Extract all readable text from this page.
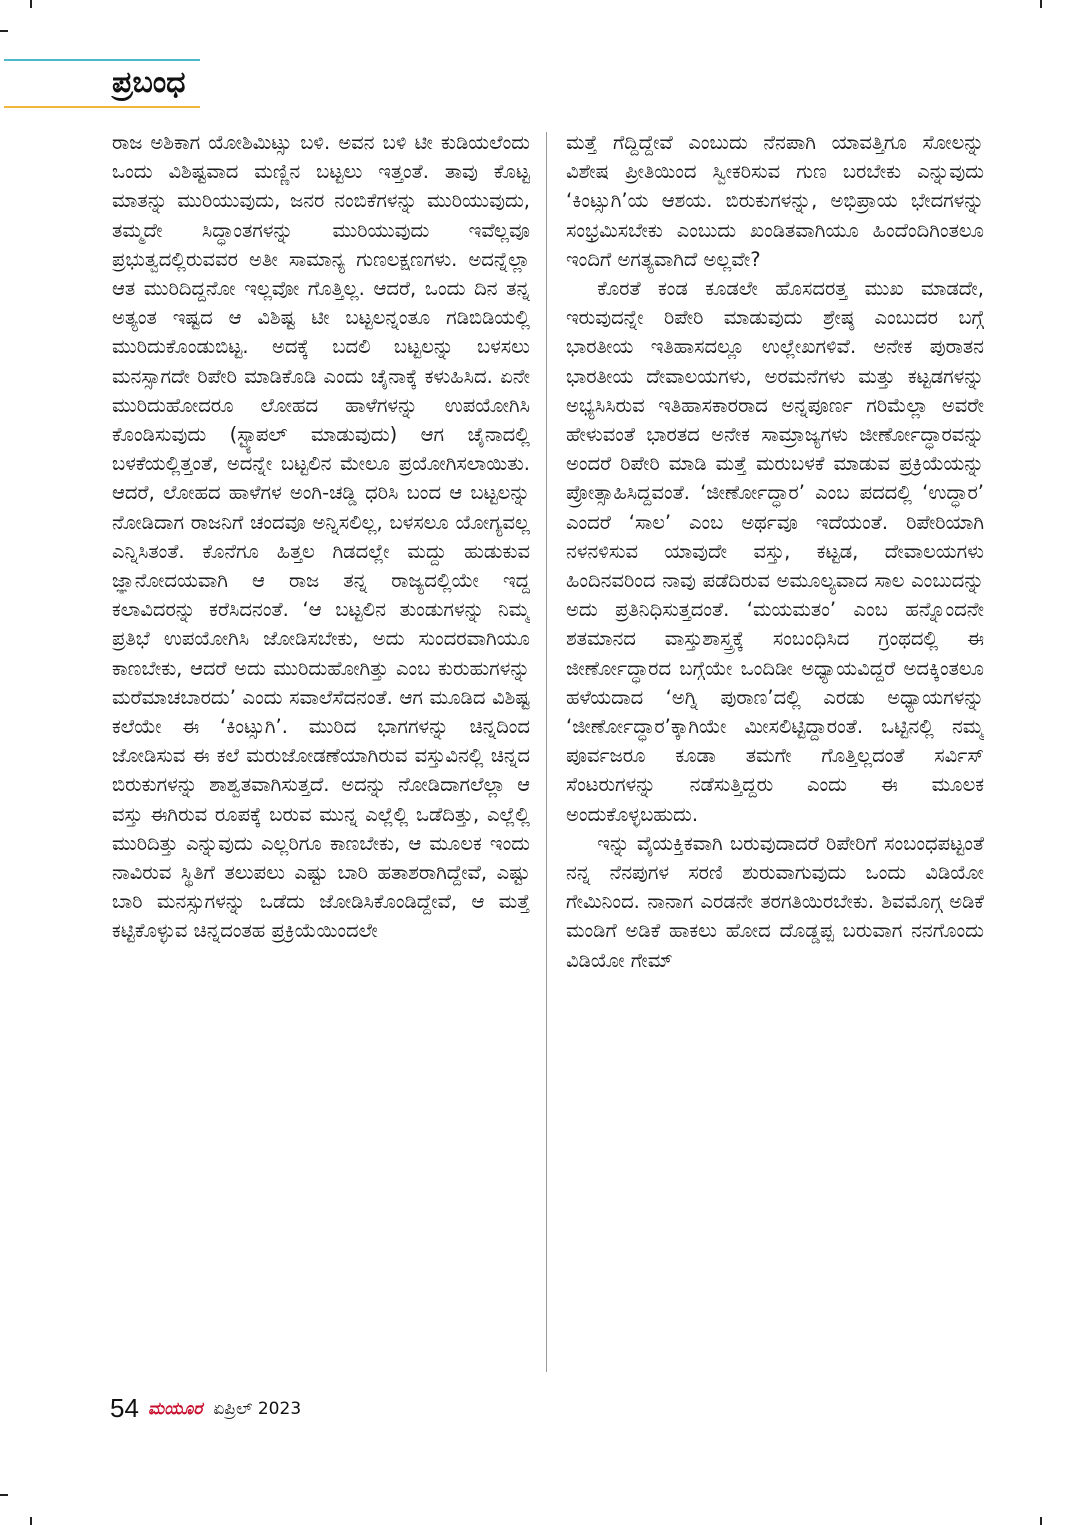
ಪ್ರಬಂಧ

ರಾಜ ಅಶಿಕಾಗ ಯೋಶಿಮಿಟ್ಸು ಬಳಿ. ಅವನ ಬಳಿ ಟೀ ಕುಡಿಯಲೆಂದು ಒಂದು ವಿಶಿಷ್ಟವಾದ ಮಣ್ಣಿನ ಬಟ್ಟಲು ಇತ್ತಂತೆ. ತಾವು ಕೊಟ್ಟ ಮಾತನ್ನು ಮುರಿಯುವುದು, ಜನರ ನಂಬಿಕೆಗಳನ್ನು ಮುರಿಯುವುದು, ತಮ್ಮದೇ ಸಿದ್ಧಾಂತಗಳನ್ನು ಮುರಿಯುವುದು ಇವೆಲ್ಲವೂ ಪ್ರಭುತ್ವದಲ್ಲಿರುವವರ ಅತೀ ಸಾಮಾನ್ಯ ಗುಣಲಕ್ಷಣಗಳು. ಅದನ್ನೆಲ್ಲಾ ಆತ ಮುರಿದಿದ್ದನೋ ಇಲ್ಲವೋ ಗೊತ್ತಿಲ್ಲ. ಆದರೆ, ಒಂದು ದಿನ ತನ್ನ ಅತ್ಯಂತ ಇಷ್ಟದ ಆ ವಿಶಿಷ್ಟ ಟೀ ಬಟ್ಟಲನ್ನಂತೂ ಗಡಿಬಿಡಿಯಲ್ಲಿ ಮುರಿದುಕೊಂಡುಬಿಟ್ಟ. ಅದಕ್ಕೆ ಬದಲಿ ಬಟ್ಟಲನ್ನು ಬಳಸಲು ಮನಸ್ಸಾಗದೇ ರಿಪೇರಿ ಮಾಡಿಕೊಡಿ ಎಂದು ಚೈನಾಕ್ಕೆ ಕಳುಹಿಸಿದ. ಏನೇ ಮುರಿದುಹೋದರೂ ಲೋಹದ ಹಾಳೆಗಳನ್ನು ಉಪಯೋಗಿಸಿ ಕೊಂಡಿಸುವುದು (ಸ್ಟ್ಯಾಪಲ್ ಮಾಡುವುದು) ಆಗ ಚೈನಾದಲ್ಲಿ ಬಳಕೆಯಲ್ಲಿತ್ತಂತೆ, ಅದನ್ನೇ ಬಟ್ಟಲಿನ ಮೇಲೂ ಪ್ರಯೋಗಿಸಲಾಯಿತು. ಆದರೆ, ಲೋಹದ ಹಾಳೆಗಳ ಅಂಗಿ-ಚಡ್ಡಿ ಧರಿಸಿ ಬಂದ ಆ ಬಟ್ಟಲನ್ನು ನೋಡಿದಾಗ ರಾಜನಿಗೆ ಚಂದವೂ ಅನ್ನಿಸಲಿಲ್ಲ, ಬಳಸಲೂ ಯೋಗ್ಯವಲ್ಲ ಎನ್ನಿಸಿತಂತೆ. ಕೊನೆಗೂ ಹಿತ್ತಲ ಗಿಡದಲ್ಲೇ ಮದ್ದು ಹುಡುಕುವ ಜ್ಞಾನೋದಯವಾಗಿ ಆ ರಾಜ ತನ್ನ ರಾಜ್ಯದಲ್ಲಿಯೇ ಇದ್ದ ಕಲಾವಿದರನ್ನು ಕರೆಸಿದನಂತೆ. ‘ಆ ಬಟ್ಟಲಿನ ತುಂಡುಗಳನ್ನು ನಿಮ್ಮ ಪ್ರತಿಭೆ ಉಪಯೋಗಿಸಿ ಜೋಡಿಸಬೇಕು, ಅದು ಸುಂದರವಾಗಿಯೂ ಕಾಣಬೇಕು, ಆದರೆ ಅದು ಮುರಿದುಹೋಗಿತ್ತು ಎಂಬ ಕುರುಹುಗಳನ್ನು ಮರೆಮಾಚಬಾರದು’ ಎಂದು ಸವಾಲೆಸೆದನಂತೆ. ಆಗ ಮೂಡಿದ ವಿಶಿಷ್ಟ ಕಲೆಯೇ ಈ ‘ಕಿಂಟ್ಸುಗಿ’. ಮುರಿದ ಭಾಗಗಳನ್ನು ಚಿನ್ನದಿಂದ ಜೋಡಿಸುವ ಈ ಕಲೆ ಮರುಜೋಡಣೆಯಾಗಿರುವ ವಸ್ತುವಿನಲ್ಲಿ ಚಿನ್ನದ ಬಿರುಕುಗಳನ್ನು ಶಾಶ್ವತವಾಗಿಸುತ್ತದೆ. ಅದನ್ನು ನೋಡಿದಾಗಲೆಲ್ಲಾ ಆ ವಸ್ತು ಈಗಿರುವ ರೂಪಕ್ಕೆ ಬರುವ ಮುನ್ನ ಎಲ್ಲೆಲ್ಲಿ ಒಡೆದಿತ್ತು, ಎಲ್ಲೆಲ್ಲಿ ಮುರಿದಿತ್ತು ಎನ್ನುವುದು ಎಲ್ಲರಿಗೂ ಕಾಣಬೇಕು, ಆ ಮೂಲಕ ಇಂದು ನಾವಿರುವ ಸ್ಥಿತಿಗೆ ತಲುಪಲು ಎಷ್ಟು ಬಾರಿ ಹತಾಶರಾಗಿದ್ದೇವೆ, ಎಷ್ಟು ಬಾರಿ ಮನಸ್ಸುಗಳನ್ನು ಒಡೆದು ಜೋಡಿಸಿಕೊಂಡಿದ್ದೇವೆ, ಆ ಮತ್ತೆ ಕಟ್ಟಿಕೊಳ್ಳುವ ಚಿನ್ನದಂತಹ ಪ್ರಕ್ರಿಯೆಯಿಂದಲೇ

ಮತ್ತೆ ಗೆದ್ದಿದ್ದೇವೆ ಎಂಬುದು ನೆನಪಾಗಿ ಯಾವತ್ತಿಗೂ ಸೋಲನ್ನು ವಿಶೇಷ ಪ್ರೀತಿಯಿಂದ ಸ್ವೀಕರಿಸುವ ಗುಣ ಬರಬೇಕು ಎನ್ನುವುದು ‘ಕಿಂಟ್ಸುಗಿ’ಯ ಆಶಯ. ಬಿರುಕುಗಳನ್ನು, ಅಭಿಪ್ರಾಯ ಭೇದಗಳನ್ನು ಸಂಭ್ರಮಿಸಬೇಕು ಎಂಬುದು ಖಂಡಿತವಾಗಿಯೂ ಹಿಂದೆಂದಿಗಿಂತಲೂ ಇಂದಿಗೆ ಅಗತ್ಯವಾಗಿದೆ ಅಲ್ಲವೇ?

ಕೊರತೆ ಕಂಡ ಕೂಡಲೇ ಹೊಸದರತ್ತ ಮುಖ ಮಾಡದೇ, ಇರುವುದನ್ನೇ ರಿಪೇರಿ ಮಾಡುವುದು ಶ್ರೇಷ್ಠ ಎಂಬುದರ ಬಗ್ಗೆ ಭಾರತೀಯ ಇತಿಹಾಸದಲ್ಲೂ ಉಲ್ಲೇಖಗಳಿವೆ. ಅನೇಕ ಪುರಾತನ ಭಾರತೀಯ ದೇವಾಲಯಗಳು, ಅರಮನೆಗಳು ಮತ್ತು ಕಟ್ಟಡಗಳನ್ನು ಅಭ್ಯಸಿಸಿರುವ ಇತಿಹಾಸಕಾರರಾದ ಅನ್ನಪೂರ್ಣ ಗರಿಮೆಲ್ಲಾ ಅವರೇ ಹೇಳುವಂತೆ ಭಾರತದ ಅನೇಕ ಸಾಮ್ರಾಜ್ಯಗಳು ಜೀರ್ಣೋದ್ಧಾರವನ್ನು ಅಂದರೆ ರಿಪೇರಿ ಮಾಡಿ ಮತ್ತೆ ಮರುಬಳಕೆ ಮಾಡುವ ಪ್ರಕ್ರಿಯೆಯನ್ನು ಪ್ರೋತ್ಸಾಹಿಸಿದ್ದವಂತೆ. ‘ಜೀರ್ಣೋದ್ಧಾರ’ ಎಂಬ ಪದದಲ್ಲಿ ‘ಉದ್ಧಾರ’ ಎಂದರೆ ‘ಸಾಲ’ ಎಂಬ ಅರ್ಥವೂ ಇದೆಯಂತೆ. ರಿಪೇರಿಯಾಗಿ ನಳನಳಿಸುವ ಯಾವುದೇ ವಸ್ತು, ಕಟ್ಟಡ, ದೇವಾಲಯಗಳು ಹಿಂದಿನವರಿಂದ ನಾವು ಪಡೆದಿರುವ ಅಮೂಲ್ಯವಾದ ಸಾಲ ಎಂಬುದನ್ನು ಅದು ಪ್ರತಿನಿಧಿಸುತ್ತದಂತೆ. ‘ಮಯಮತಂ’ ಎಂಬ ಹನ್ನೊಂದನೇ ಶತಮಾನದ ವಾಸ್ತುಶಾಸ್ತ್ರಕ್ಕೆ ಸಂಬಂಧಿಸಿದ ಗ್ರಂಥದಲ್ಲಿ ಈ ಜೀರ್ಣೋದ್ಧಾರದ ಬಗ್ಗೆಯೇ ಒಂದಿಡೀ ಅಧ್ಯಾಯವಿದ್ದರೆ ಅದಕ್ಕಿಂತಲೂ ಹಳೆಯದಾದ ‘ಅಗ್ನಿ ಪುರಾಣ’ದಲ್ಲಿ ಎರಡು ಅಧ್ಯಾಯಗಳನ್ನು ‘ಜೀರ್ಣೋದ್ಧಾರ’ಕ್ಕಾಗಿಯೇ ಮೀಸಲಿಟ್ಟಿದ್ದಾರಂತೆ. ಒಟ್ಟಿನಲ್ಲಿ ನಮ್ಮ ಪೂರ್ವಜರೂ ಕೂಡಾ ತಮಗೇ ಗೊತ್ತಿಲ್ಲದಂತೆ ಸರ್ವಿಸ್ ಸೆಂಟರುಗಳನ್ನು ನಡೆಸುತ್ತಿದ್ದರು ಎಂದು ಈ ಮೂಲಕ ಅಂದುಕೊಳ್ಳಬಹುದು.

ಇನ್ನು ವೈಯಕ್ತಿಕವಾಗಿ ಬರುವುದಾದರೆ ರಿಪೇರಿಗೆ ಸಂಬಂಧಪಟ್ಟಂತೆ ನನ್ನ ನೆನಪುಗಳ ಸರಣಿ ಶುರುವಾಗುವುದು ಒಂದು ವಿಡಿಯೋ ಗೇಮಿನಿಂದ. ನಾನಾಗ ಎರಡನೇ ತರಗತಿಯಿರಬೇಕು. ಶಿವಮೊಗ್ಗ ಅಡಿಕೆ ಮಂಡಿಗೆ ಅಡಿಕೆ ಹಾಕಲು ಹೋದ ದೊಡ್ಡಪ್ಪ ಬರುವಾಗ ನನಗೊಂದು ವಿಡಿಯೋ ಗೇಮ್

54 ಮಯೂರ ಏಪ್ರಿಲ್ 2023
